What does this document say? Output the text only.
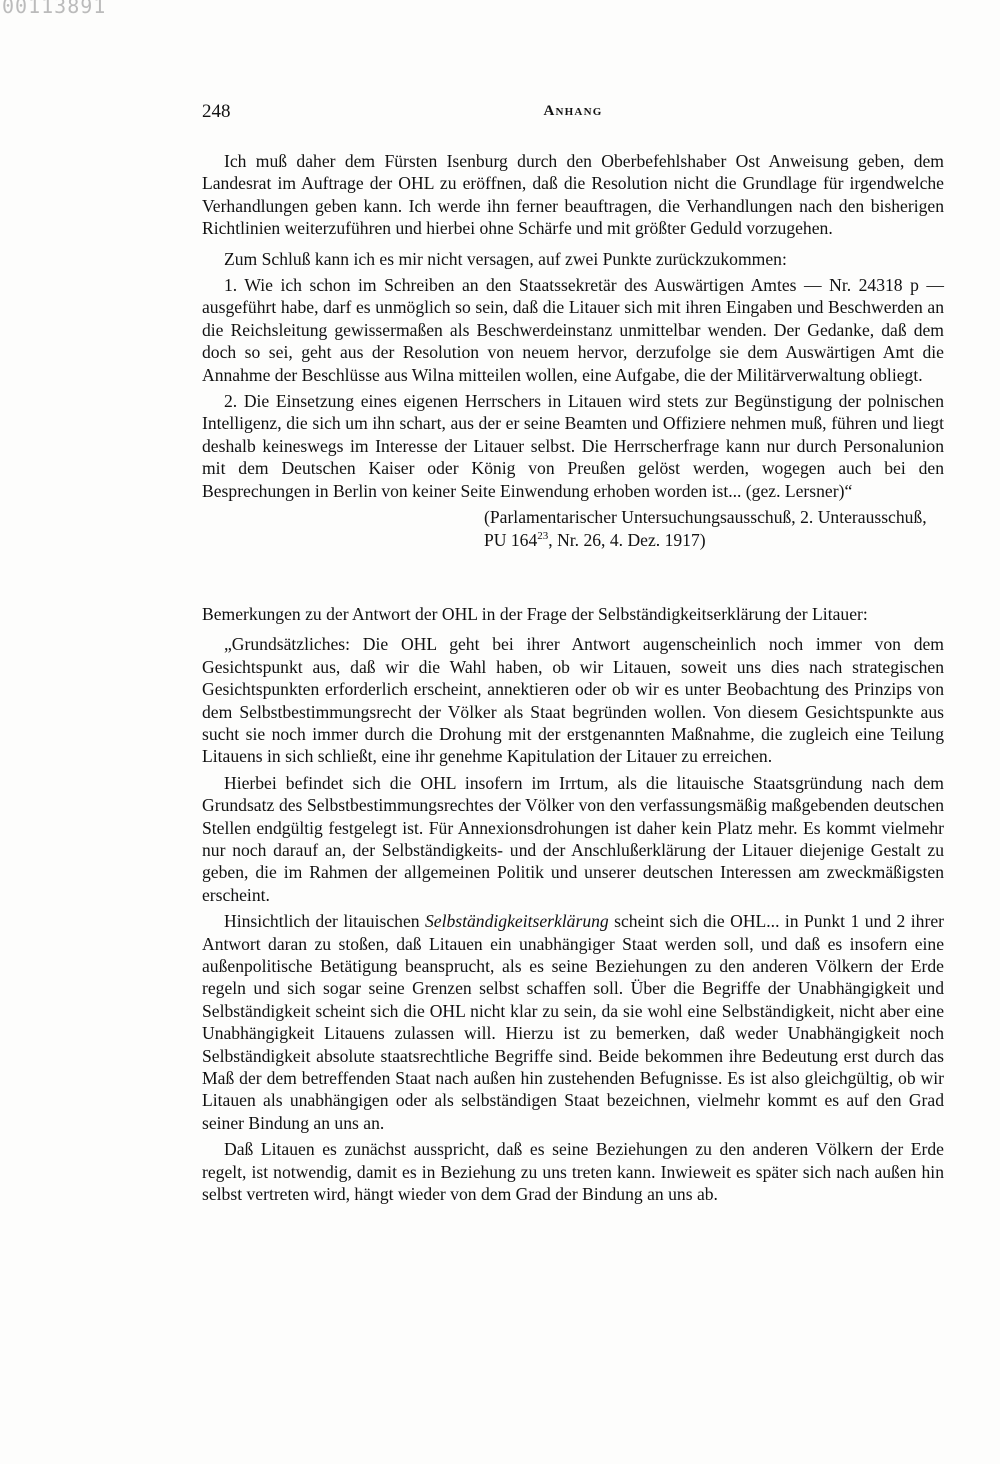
00113891
248	Anhang

Ich muß daher dem Fürsten Isenburg durch den Oberbefehlshaber Ost Anweisung geben, dem Landesrat im Auftrage der OHL zu eröffnen, daß die Resolution nicht die Grundlage für irgendwelche Verhandlungen geben kann. Ich werde ihn ferner beauftragen, die Verhandlungen nach den bisherigen Richtlinien weiterzuführen und hierbei ohne Schärfe und mit größter Geduld vorzugehen.

Zum Schluß kann ich es mir nicht versagen, auf zwei Punkte zurückzukommen:

1. Wie ich schon im Schreiben an den Staatssekretär des Auswärtigen Amtes — Nr. 24318 p — ausgeführt habe, darf es unmöglich so sein, daß die Litauer sich mit ihren Eingaben und Beschwerden an die Reichsleitung gewissermaßen als Beschwerdeinstanz unmittelbar wenden. Der Gedanke, daß dem doch so sei, geht aus der Resolution von neuem hervor, derzufolge sie dem Auswärtigen Amt die Annahme der Beschlüsse aus Wilna mitteilen wollen, eine Aufgabe, die der Militärverwaltung obliegt.

2. Die Einsetzung eines eigenen Herrschers in Litauen wird stets zur Begünstigung der polnischen Intelligenz, die sich um ihn schart, aus der er seine Beamten und Offiziere nehmen muß, führen und liegt deshalb keineswegs im Interesse der Litauer selbst. Die Herrscherfrage kann nur durch Personalunion mit dem Deutschen Kaiser oder König von Preußen gelöst werden, wogegen auch bei den Besprechungen in Berlin von keiner Seite Einwendung erhoben worden ist... (gez. Lersner)“

(Parlamentarischer Untersuchungsausschuß, 2. Unterausschuß, PU $164^{23}$, Nr. 26, 4. Dez. 1917)

Bemerkungen zu der Antwort der OHL in der Frage der Selbständigkeitserklärung der Litauer:

„Grundsätzliches: Die OHL geht bei ihrer Antwort augenscheinlich noch immer von dem Gesichtspunkt aus, daß wir die Wahl haben, ob wir Litauen, soweit uns dies nach strategischen Gesichtspunkten erforderlich erscheint, annektieren oder ob wir es unter Beobachtung des Prinzips von dem Selbstbestimmungsrecht der Völker als Staat begründen wollen. Von diesem Gesichtspunkte aus sucht sie noch immer durch die Drohung mit der erstgenannten Maßnahme, die zugleich eine Teilung Litauens in sich schließt, eine ihr genehme Kapitulation der Litauer zu erreichen.

Hierbei befindet sich die OHL insofern im Irrtum, als die litauische Staatsgründung nach dem Grundsatz des Selbstbestimmungsrechtes der Völker von den verfassungsmäßig maßgebenden deutschen Stellen endgültig festgelegt ist. Für Annexionsdrohungen ist daher kein Platz mehr. Es kommt vielmehr nur noch darauf an, der Selbständigkeits- und der Anschlußerklärung der Litauer diejenige Gestalt zu geben, die im Rahmen der allgemeinen Politik und unserer deutschen Interessen am zweckmäßigsten erscheint.

Hinsichtlich der litauischen Selbständigkeitserklärung scheint sich die OHL... in Punkt 1 und 2 ihrer Antwort daran zu stoßen, daß Litauen ein unabhängiger Staat werden soll, und daß es insofern eine außenpolitische Betätigung beansprucht, als es seine Beziehungen zu den anderen Völkern der Erde regeln und sich sogar seine Grenzen selbst schaffen soll. Über die Begriffe der Unabhängigkeit und Selbständigkeit scheint sich die OHL nicht klar zu sein, da sie wohl eine Selbständigkeit, nicht aber eine Unabhängigkeit Litauens zulassen will. Hierzu ist zu bemerken, daß weder Unabhängigkeit noch Selbständigkeit absolute staatsrechtliche Begriffe sind. Beide bekommen ihre Bedeutung erst durch das Maß der dem betreffenden Staat nach außen hin zustehenden Befugnisse. Es ist also gleichgültig, ob wir Litauen als unabhängigen oder als selbständigen Staat bezeichnen, vielmehr kommt es auf den Grad seiner Bindung an uns an.

Daß Litauen es zunächst ausspricht, daß es seine Beziehungen zu den anderen Völkern der Erde regelt, ist notwendig, damit es in Beziehung zu uns treten kann. Inwieweit es später sich nach außen hin selbst vertreten wird, hängt wieder von dem Grad der Bindung an uns ab.
